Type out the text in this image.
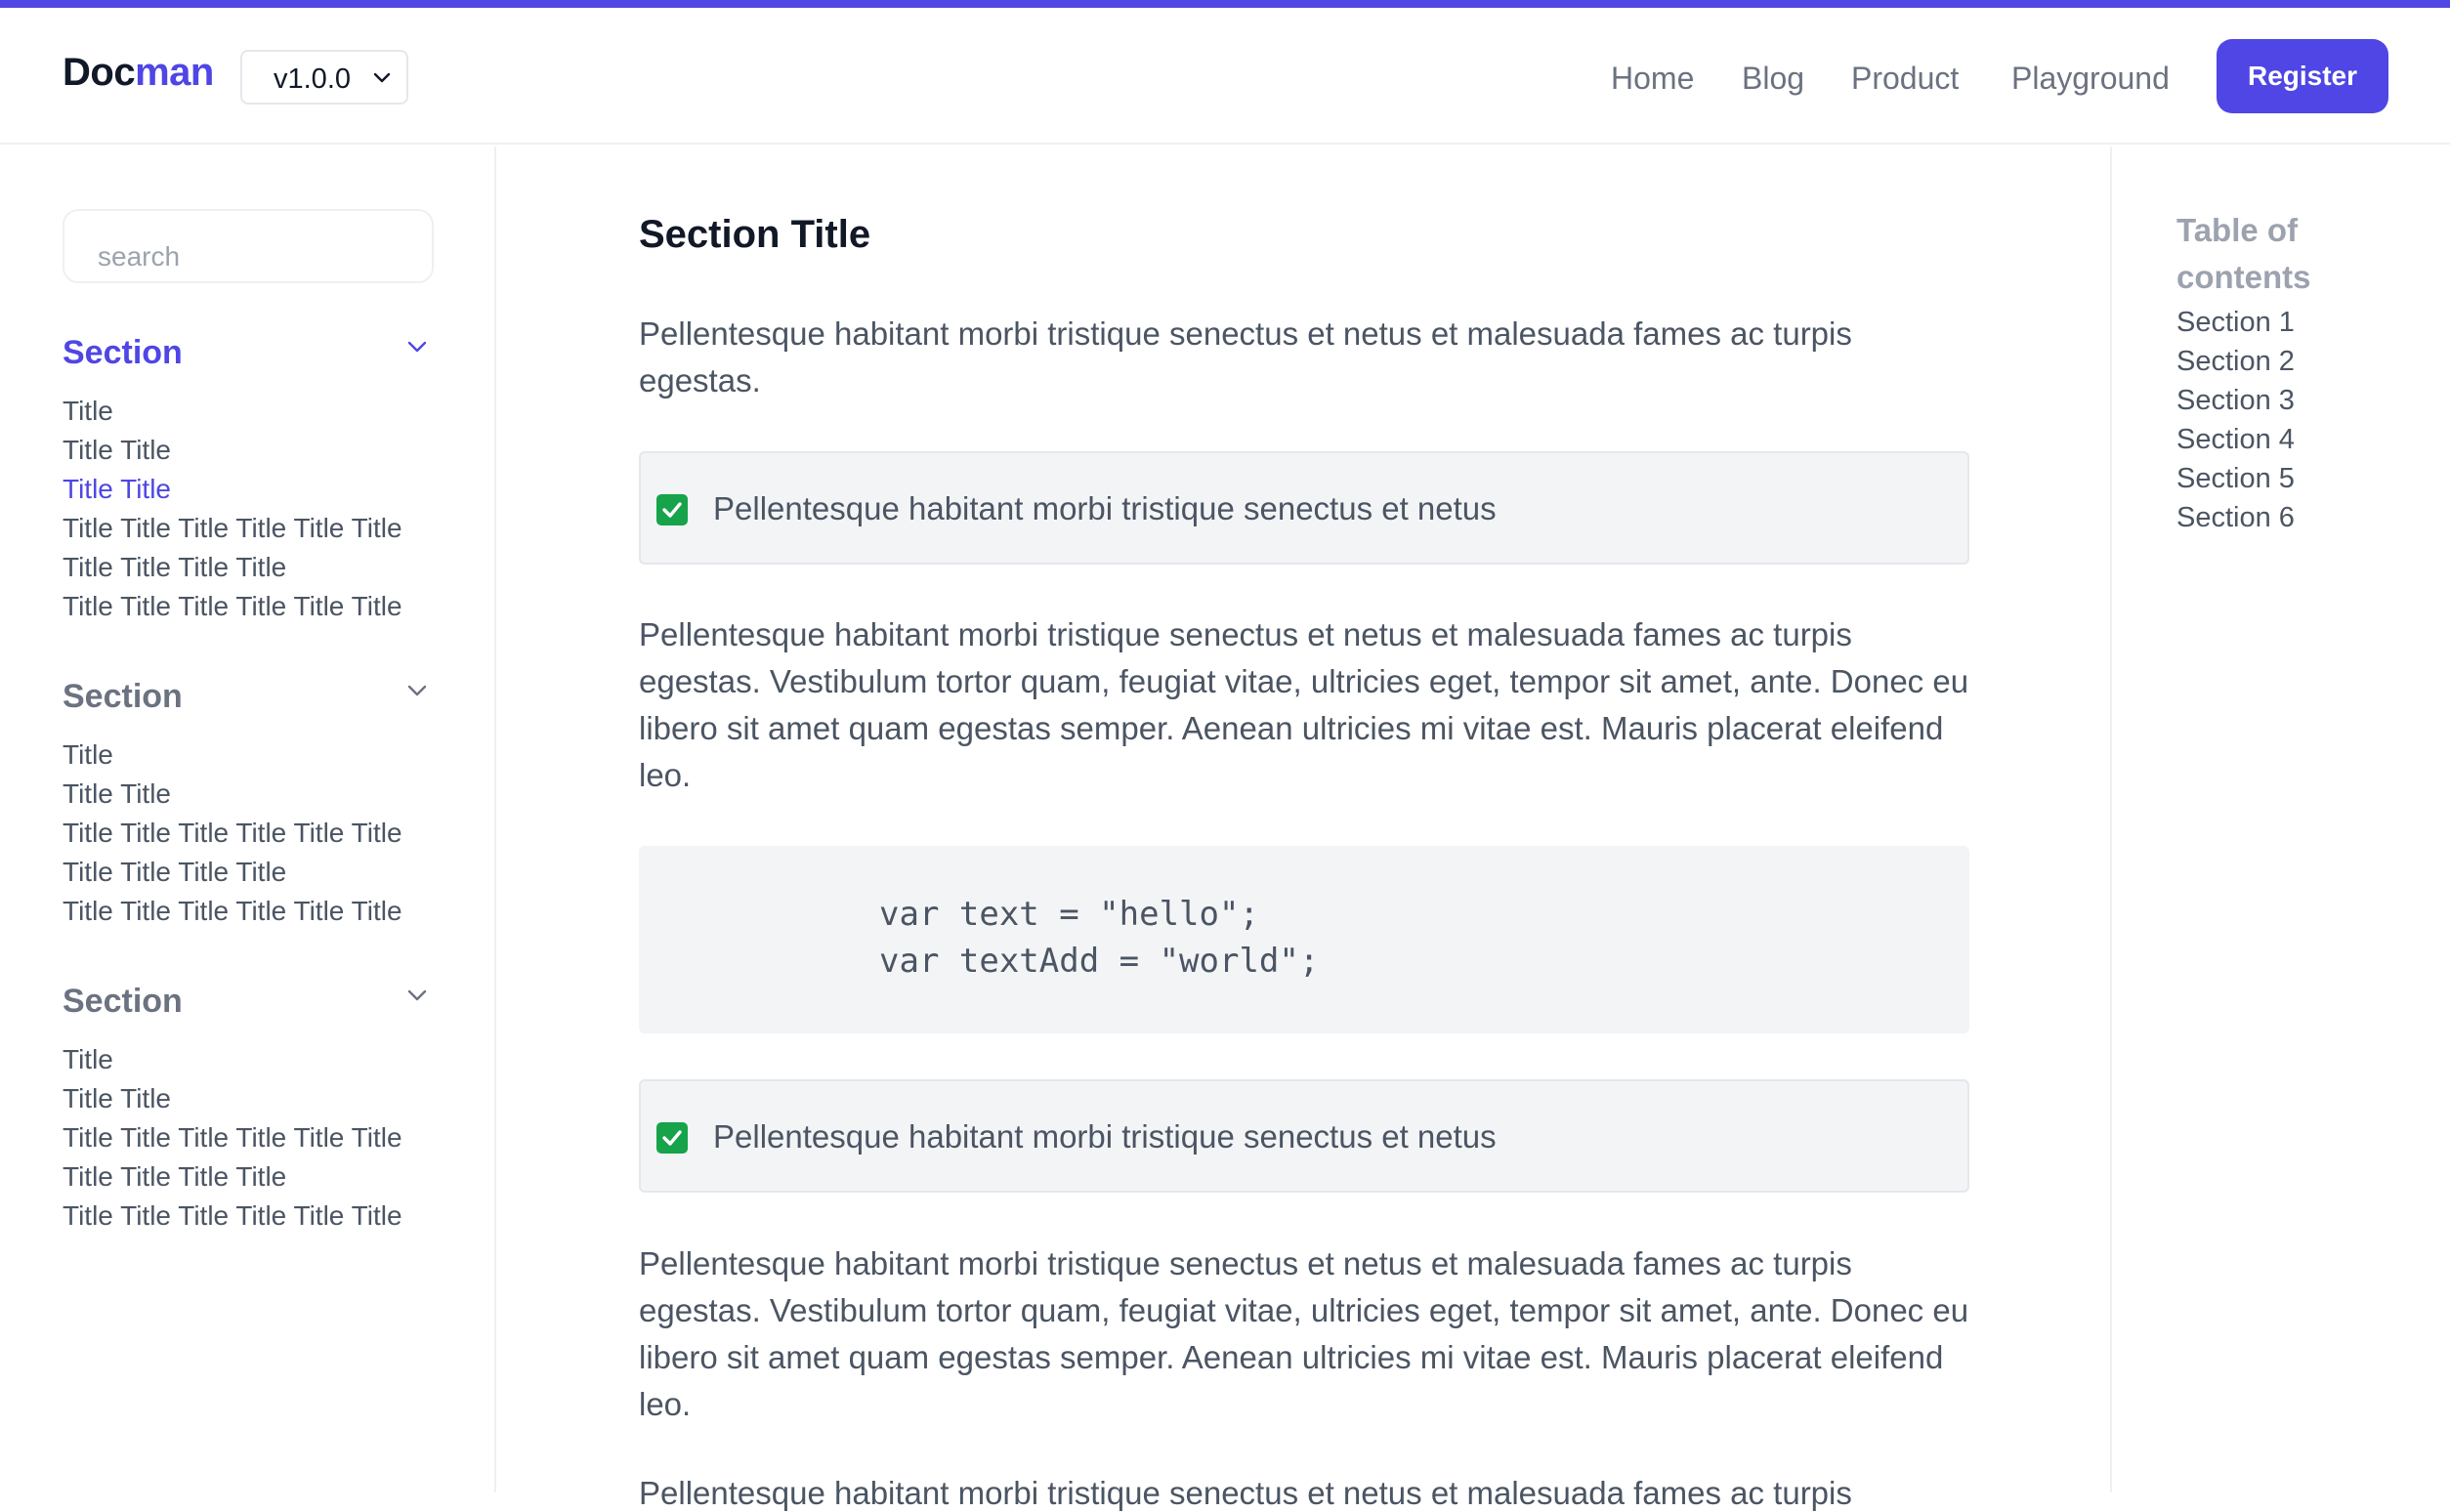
Docman	v1.0.0	Home Blog Product Playground	Register
search
Section
Title
Title Title
Title Title
Title Title Title Title Title Title
Title Title Title Title
Title Title Title Title Title Title
Section
Title
Title Title
Title Title Title Title Title Title
Title Title Title Title
Title Title Title Title Title Title
Section
Title
Title Title
Title Title Title Title Title Title
Title Title Title Title
Title Title Title Title Title Title
Section Title

Pellentesque habitant morbi tristique senectus et netus et malesuada fames ac turpis egestas.

Pellentesque habitant morbi tristique senectus et netus

Pellentesque habitant morbi tristique senectus et netus et malesuada fames ac turpis egestas. Vestibulum tortor quam, feugiat vitae, ultricies eget, tempor sit amet, ante. Donec eu libero sit amet quam egestas semper. Aenean ultricies mi vitae est. Mauris placerat eleifend leo.

var text = "hello";
var textAdd = "world";
Pellentesque habitant morbi tristique senectus et netus

Pellentesque habitant morbi tristique senectus et netus et malesuada fames ac turpis egestas. Vestibulum tortor quam, feugiat vitae, ultricies eget, tempor sit amet, ante. Donec eu libero sit amet quam egestas semper. Aenean ultricies mi vitae est. Mauris placerat eleifend leo.

Pellentesque habitant morbi tristique senectus et netus et malesuada fames ac turpis

Table of contents
Section 1
Section 2
Section 3
Section 4
Section 5
Section 6
